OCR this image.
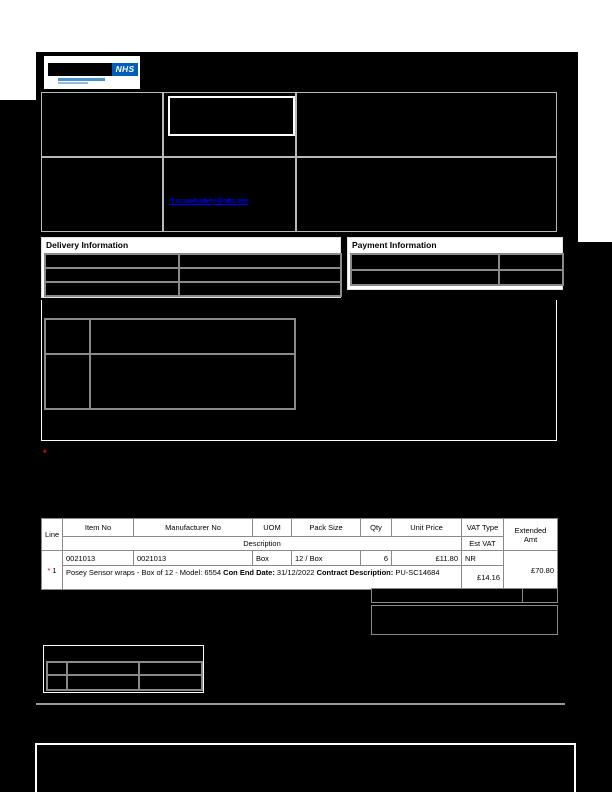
NHS
rf.scan4safety@nhs.net
Delivery Information

		Payment Information

*
Line	Item No	Manufacturer No	UOM	Pack Size	Qty	Unit Price	VAT Type	Extended
Amt
	Description						Est VAT	
* 1	0021013	0021013	Box	12 / Box	6	£11.80	NR	£70.80
	Posey Sensor wraps - Box of 12 - Model: 6554 Con End Date: 31/12/2022 Contract Description: PU-SC14684						£14.16	
